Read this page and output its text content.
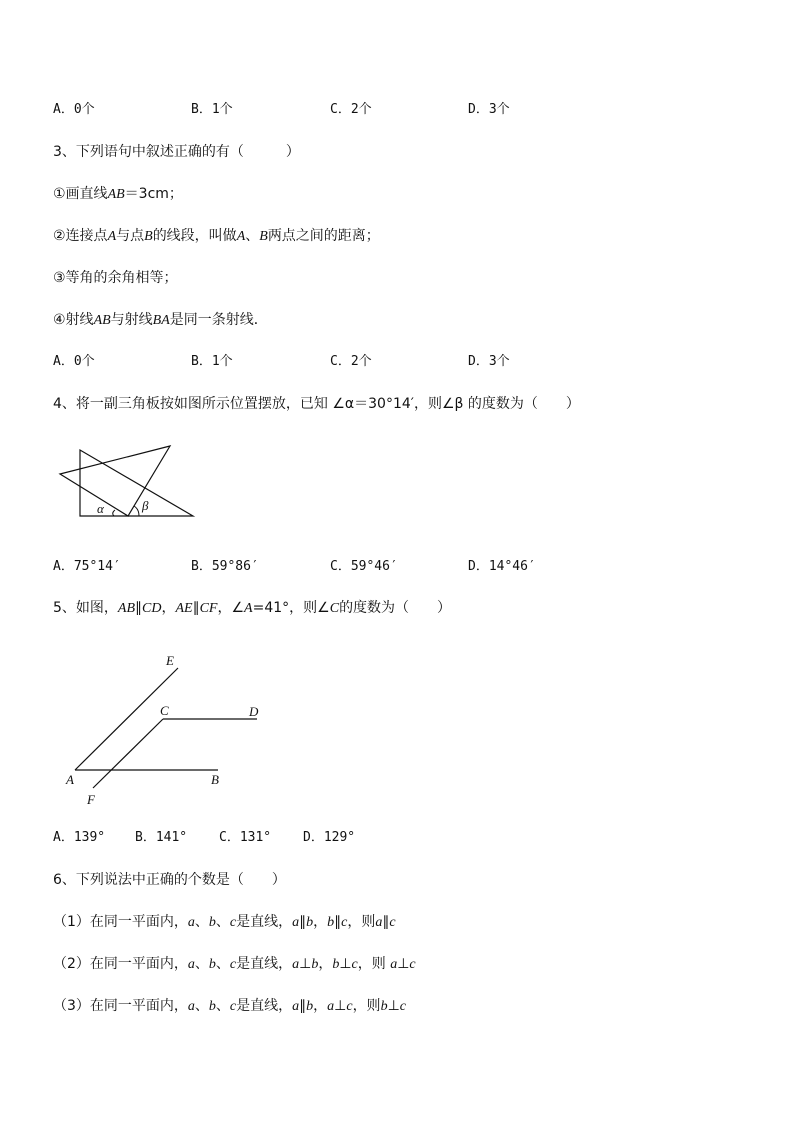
A．0个	B．1个	C．2个	D．3个
3、下列语句中叙述正确的有（　　　）
①画直线AB＝3cm；
②连接点A与点B的线段，叫做A、B两点之间的距离；
③等角的余角相等；
④射线AB与射线BA是同一条射线．
A．0个	B．1个	C．2个	D．3个
4、将一副三角板按如图所示位置摆放，已知 ∠α＝30°14′，则∠β 的度数为（　　）
α	β
A．75°14′	B．59°86′	C．59°46′	D．14°46′
5、如图，AB∥CD，AE∥CF，∠A=41°，则∠C的度数为（　　）
E
C	D
A	B
F
A．139° B．141° C．131° D．129°
6、下列说法中正确的个数是（　　）
（1）在同一平面内，a、b、c是直线，a∥b，b∥c，则a∥c
（2）在同一平面内，a、b、c是直线，a⊥b，b⊥c，则 a⊥c
（3）在同一平面内，a、b、c是直线，a∥b，a⊥c，则b⊥c
